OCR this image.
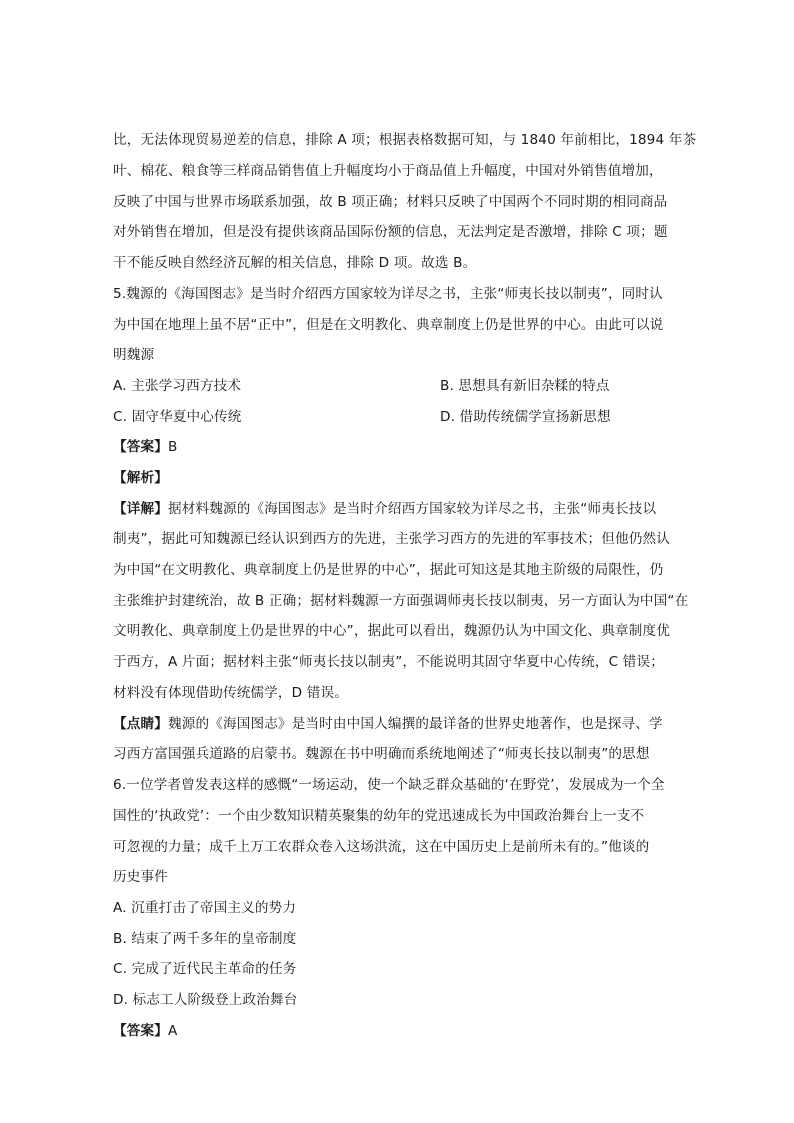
比，无法体现贸易逆差的信息，排除 A 项；根据表格数据可知，与 1840 年前相比，1894 年茶
叶、棉花、粮食等三样商品销售值上升幅度均小于商品值上升幅度，中国对外销售值增加，
反映了中国与世界市场联系加强，故 B 项正确；材料只反映了中国两个不同时期的相同商品
对外销售在增加，但是没有提供该商品国际份额的信息，无法判定是否激增，排除 C 项；题
干不能反映自然经济瓦解的相关信息，排除 D 项。故选 B。
5.魏源的《海国图志》是当时介绍西方国家较为详尽之书，主张“师夷长技以制夷”，同时认
为中国在地理上虽不居“正中”，但是在文明教化、典章制度上仍是世界的中心。由此可以说
明魏源
A. 主张学习西方技术	B. 思想具有新旧杂糅的特点
C. 固守华夏中心传统	D. 借助传统儒学宣扬新思想
【答案】B
【解析】
【详解】据材料魏源的《海国图志》是当时介绍西方国家较为详尽之书，主张“师夷长技以
制夷”，据此可知魏源已经认识到西方的先进，主张学习西方的先进的军事技术；但他仍然认
为中国“在文明教化、典章制度上仍是世界的中心”，据此可知这是其地主阶级的局限性，仍
主张维护封建统治，故 B 正确；据材料魏源一方面强调师夷长技以制夷，另一方面认为中国“在
文明教化、典章制度上仍是世界的中心”，据此可以看出，魏源仍认为中国文化、典章制度优
于西方，A 片面；据材料主张“师夷长技以制夷”，不能说明其固守华夏中心传统，C 错误；
材料没有体现借助传统儒学，D 错误。
【点睛】魏源的《海国图志》是当时由中国人编撰的最详备的世界史地著作，也是探寻、学
习西方富国强兵道路的启蒙书。魏源在书中明确而系统地阐述了“师夷长技以制夷”的思想
6.一位学者曾发表这样的感慨“一场运动，使一个缺乏群众基础的‘在野党’，发展成为一个全
国性的‘执政党’：一个由少数知识精英聚集的幼年的党迅速成长为中国政治舞台上一支不
可忽视的力量；成千上万工农群众卷入这场洪流，这在中国历史上是前所未有的。”他谈的
历史事件
A. 沉重打击了帝国主义的势力
B. 结束了两千多年的皇帝制度
C. 完成了近代民主革命的任务
D. 标志工人阶级登上政治舞台
【答案】A
